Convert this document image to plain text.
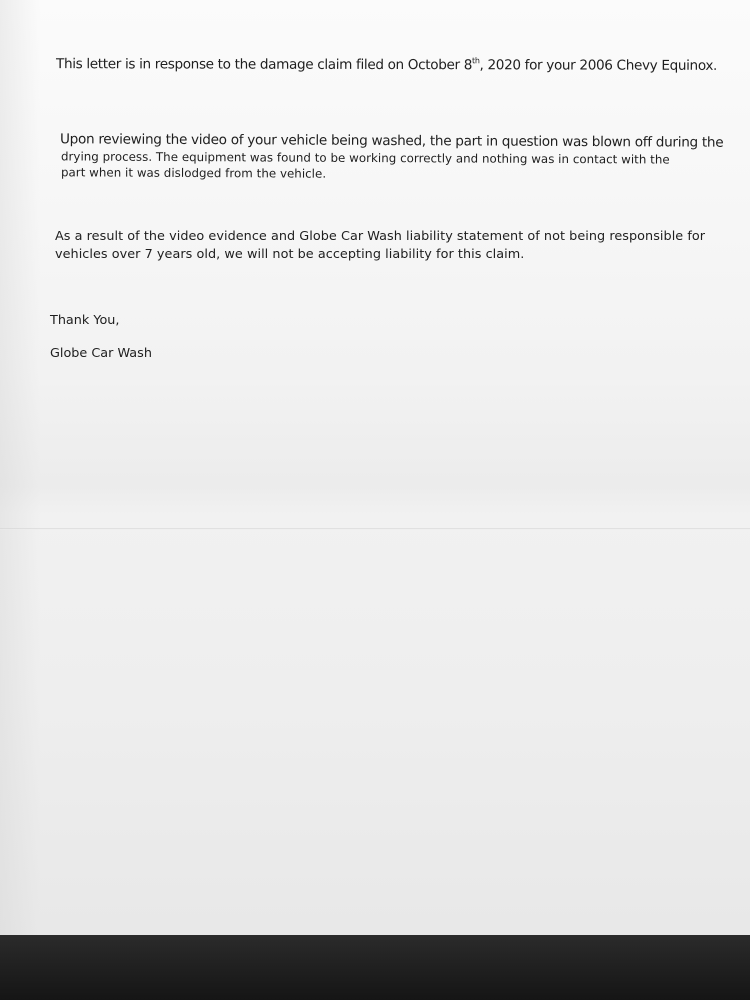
This letter is in response to the damage claim filed on October 8th, 2020 for your 2006 Chevy Equinox.
Upon reviewing the video of your vehicle being washed, the part in question was blown off during the
drying process. The equipment was found to be working correctly and nothing was in contact with the
part when it was dislodged from the vehicle.
As a result of the video evidence and Globe Car Wash liability statement of not being responsible for
vehicles over 7 years old, we will not be accepting liability for this claim.
Thank You,
Globe Car Wash
